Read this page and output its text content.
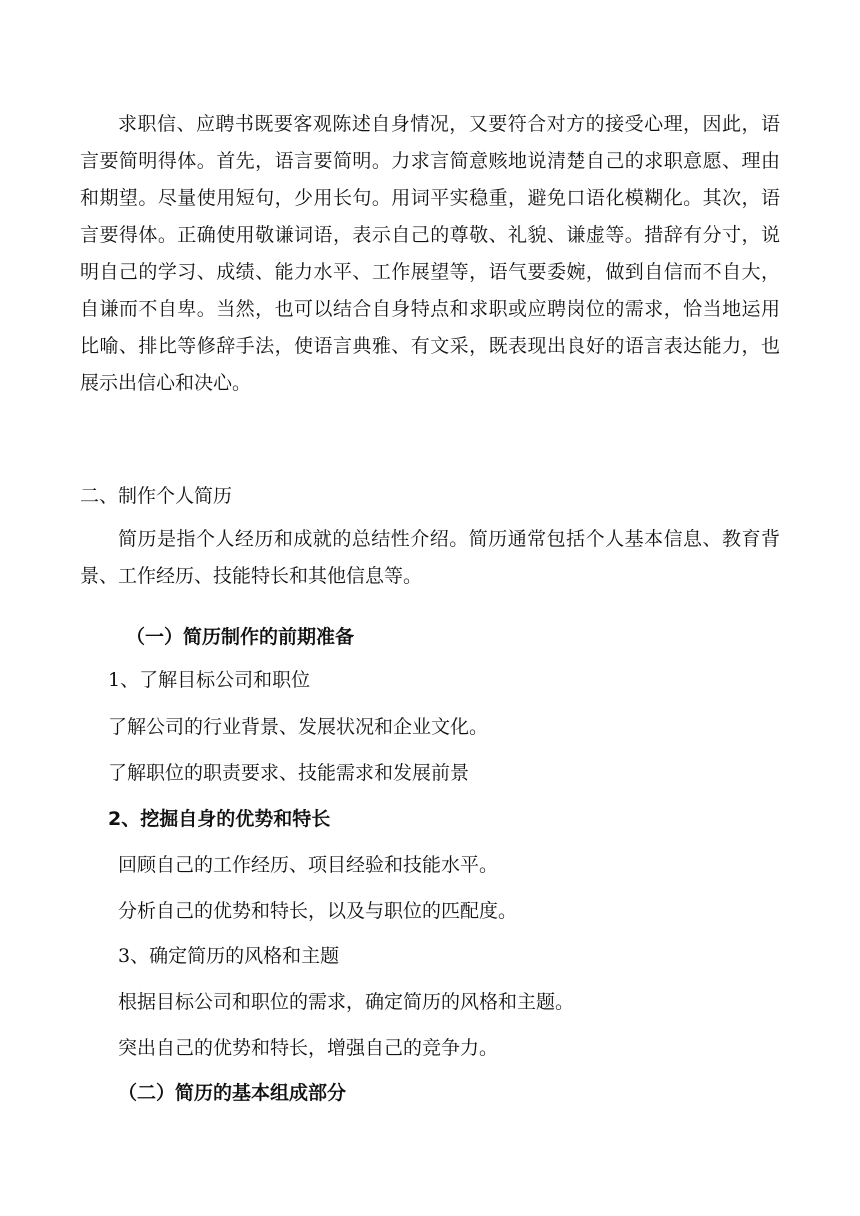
求职信、应聘书既要客观陈述自身情况，又要符合对方的接受心理，因此，语言要简明得体。首先，语言要简明。力求言简意赅地说清楚自己的求职意愿、理由和期望。尽量使用短句，少用长句。用词平实稳重，避免口语化模糊化。其次，语言要得体。正确使用敬谦词语，表示自己的尊敬、礼貌、谦虚等。措辞有分寸，说明自己的学习、成绩、能力水平、工作展望等，语气要委婉，做到自信而不自大，自谦而不自卑。当然，也可以结合自身特点和求职或应聘岗位的需求，恰当地运用比喻、排比等修辞手法，使语言典雅、有文采，既表现出良好的语言表达能力，也展示出信心和决心。

二、制作个人简历

简历是指个人经历和成就的总结性介绍。简历通常包括个人基本信息、教育背景、工作经历、技能特长和其他信息等。

（一）简历制作的前期准备

1、了解目标公司和职位

了解公司的行业背景、发展状况和企业文化。

了解职位的职责要求、技能需求和发展前景

2、挖掘自身的优势和特长

回顾自己的工作经历、项目经验和技能水平。

分析自己的优势和特长，以及与职位的匹配度。

3、确定简历的风格和主题

根据目标公司和职位的需求，确定简历的风格和主题。

突出自己的优势和特长，增强自己的竞争力。

（二）简历的基本组成部分
